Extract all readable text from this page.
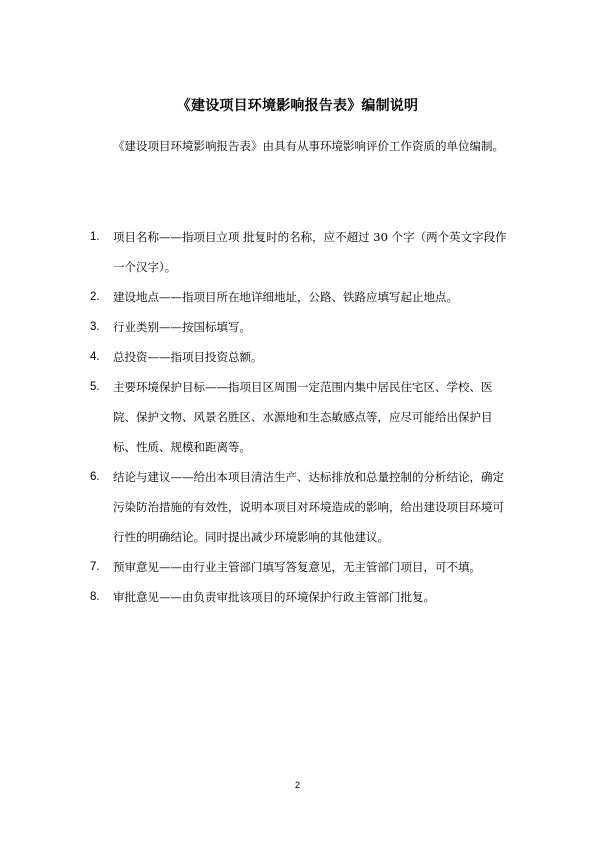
《建设项目环境影响报告表》编制说明
《建设项目环境影响报告表》由具有从事环境影响评价工作资质的单位编制。
1. 项目名称——指项目立项 批复时的名称，应不超过 30 个字（两个英文字段作一个汉字）。
2. 建设地点——指项目所在地详细地址，公路、铁路应填写起止地点。
3. 行业类别——按国标填写。
4. 总投资——指项目投资总额。
5. 主要环境保护目标——指项目区周围一定范围内集中居民住宅区、学校、医院、保护文物、风景名胜区、水源地和生态敏感点等，应尽可能给出保护目标、性质、规模和距离等。
6. 结论与建议——给出本项目清洁生产、达标排放和总量控制的分析结论，确定污染防治措施的有效性，说明本项目对环境造成的影响，给出建设项目环境可行性的明确结论。同时提出减少环境影响的其他建议。
7. 预审意见——由行业主管部门填写答复意见，无主管部门项目，可不填。
8. 审批意见——由负责审批该项目的环境保护行政主管部门批复。
2
